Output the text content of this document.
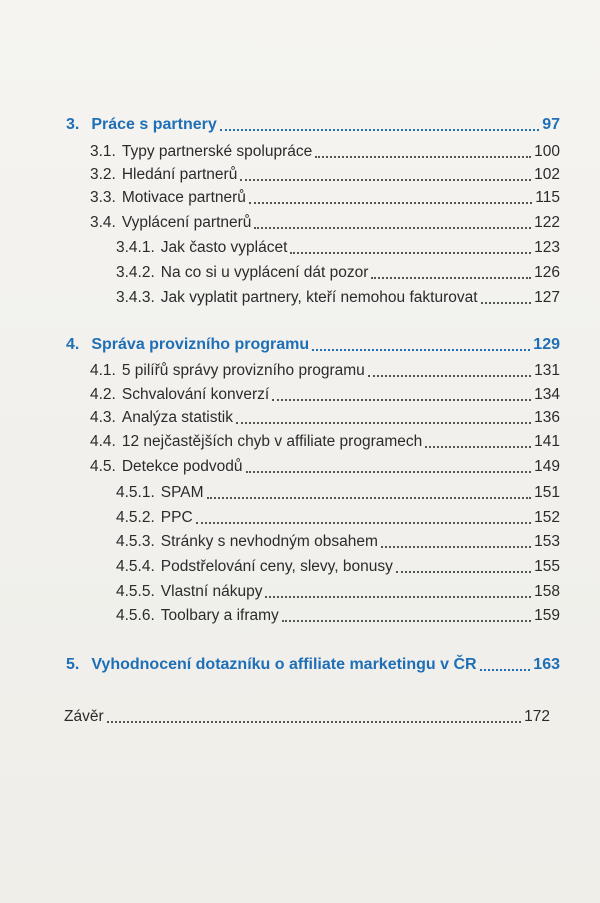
3. Práce s partnery	97
3.1. Typy partnerské spolupráce	100
3.2. Hledání partnerů	102
3.3. Motivace partnerů	115
3.4. Vyplácení partnerů	122
3.4.1. Jak často vyplácet	123
3.4.2. Na co si u vyplácení dát pozor	126
3.4.3. Jak vyplatit partnery, kteří nemohou fakturovat	127
4. Správa provizního programu	129
4.1. 5 pilířů správy provizního programu	131
4.2. Schvalování konverzí	134
4.3. Analýza statistik	136
4.4. 12 nejčastějších chyb v affiliate programech	141
4.5. Detekce podvodů	149
4.5.1. SPAM	151
4.5.2. PPC	152
4.5.3. Stránky s nevhodným obsahem	153
4.5.4. Podstřelování ceny, slevy, bonusy	155
4.5.5. Vlastní nákupy	158
4.5.6. Toolbary a iframy	159
5. Vyhodnocení dotazníku o affiliate marketingu v ČR	163
Závěr	172
